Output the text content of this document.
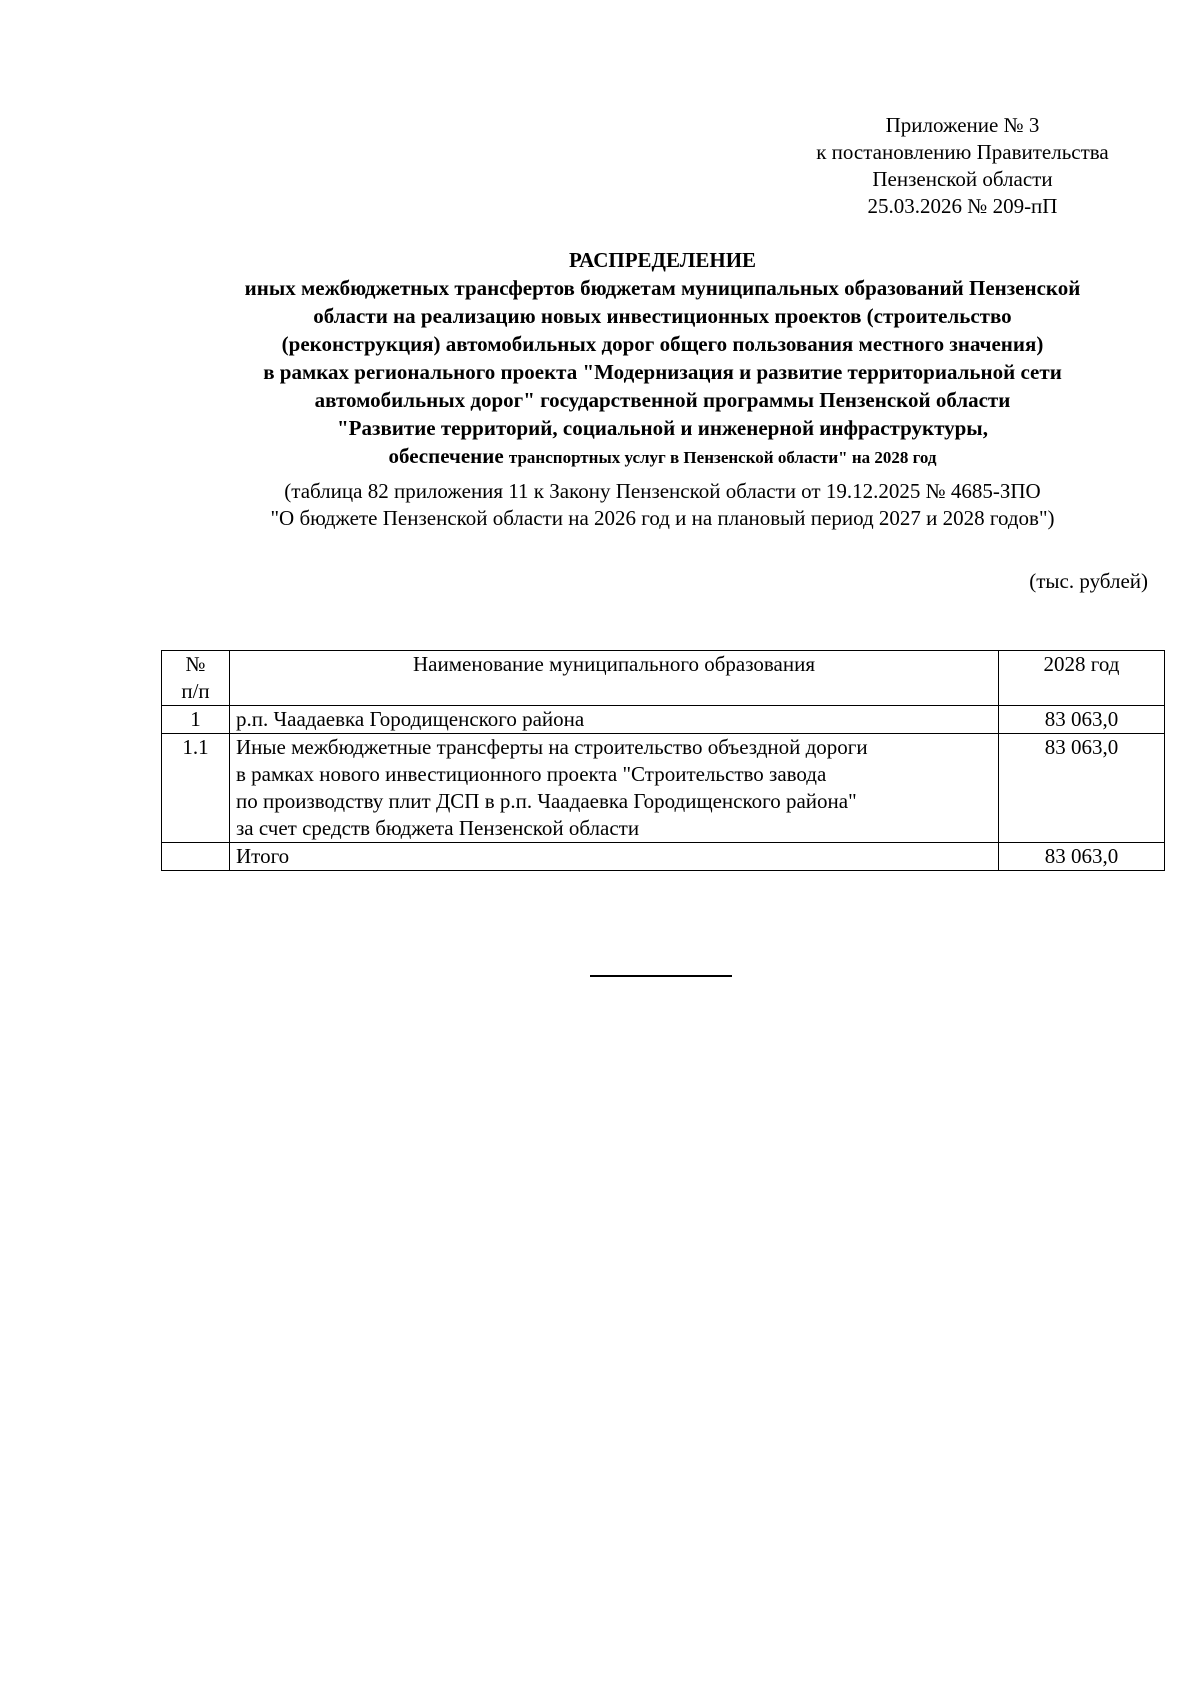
Приложение № 3
к постановлению Правительства
Пензенской области
25.03.2026 № 209-пП
РАСПРЕДЕЛЕНИЕ
иных межбюджетных трансфертов бюджетам муниципальных образований Пензенской
области на реализацию новых инвестиционных проектов (строительство
(реконструкция) автомобильных дорог общего пользования местного значения)
в рамках регионального проекта "Модернизация и развитие территориальной сети
автомобильных дорог" государственной программы Пензенской области
"Развитие территорий, социальной и инженерной инфраструктуры,
обеспечение транспортных услуг в Пензенской области" на 2028 год
(таблица 82 приложения 11 к Закону Пензенской области от 19.12.2025 № 4685-ЗПО
"О бюджете Пензенской области на 2026 год и на плановый период 2027 и 2028 годов")
(тыс. рублей)
№
п/п	Наименование муниципального образования	2028 год
1	р.п. Чаадаевка Городищенского района	83 063,0
1.1	Иные межбюджетные трансферты на строительство объездной дороги
в рамках нового инвестиционного проекта "Строительство завода
по производству плит ДСП в р.п. Чаадаевка Городищенского района"
за счет средств бюджета Пензенской области	83 063,0
	Итого	83 063,0
